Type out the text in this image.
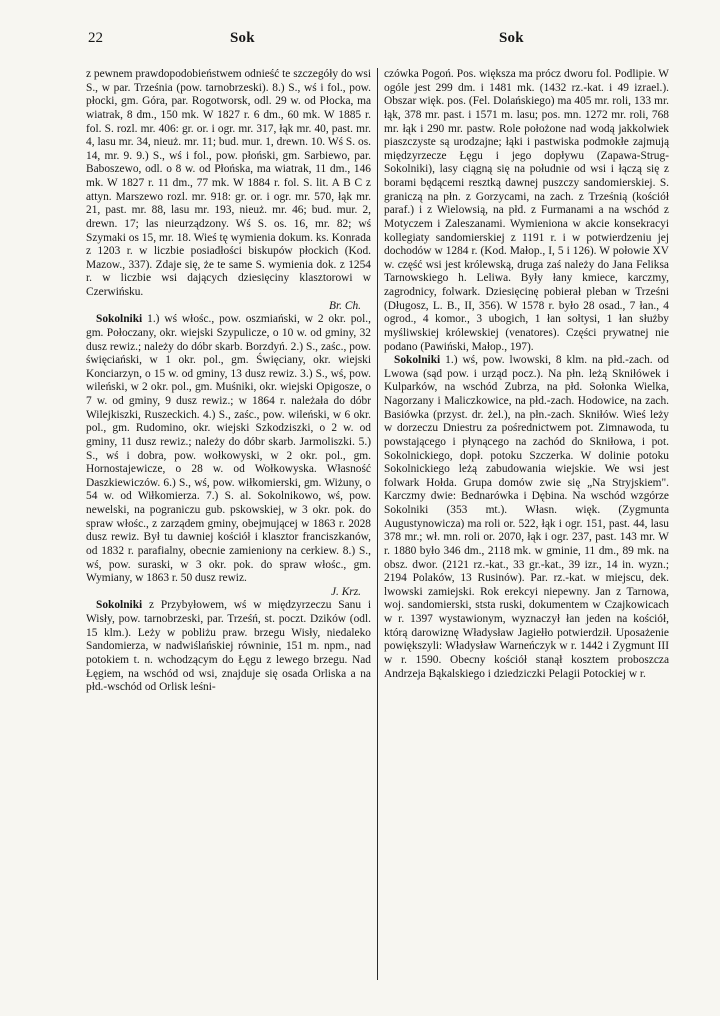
22	Sok	Sok

z pewnem prawdopodobieństwem odnieść te szczegóły do wsi S., w par. Trześnia (pow. tarnobrzeski). 8.) S., wś i fol., pow. płocki, gm. Góra, par. Rogotworsk, odl. 29 w. od Płocka, ma wiatrak, 8 dm., 150 mk. W 1827 r. 6 dm., 60 mk. W 1885 r. fol. S. rozl. mr. 406: gr. or. i ogr. mr. 317, łąk mr. 40, past. mr. 4, lasu mr. 34, nieuż. mr. 11; bud. mur. 1, drewn. 10. Wś S. os. 14, mr. 9. 9.) S., wś i fol., pow. płoński, gm. Sarbiewo, par. Baboszewo, odl. o 8 w. od Płońska, ma wiatrak, 11 dm., 146 mk. W 1827 r. 11 dm., 77 mk. W 1884 r. fol. S. lit. A B C z attyn. Marszewo rozl. mr. 918: gr. or. i ogr. mr. 570, łąk mr. 21, past. mr. 88, lasu mr. 193, nieuż. mr. 46; bud. mur. 2, drewn. 17; las nieurządzony. Wś S. os. 16, mr. 82; wś Szymaki os 15, mr. 18. Wieś tę wymienia dokum. ks. Konrada z 1203 r. w liczbie posiadłości biskupów płockich (Kod. Mazow., 337). Zdaje się, że te same S. wymienia dok. z 1254 r. w liczbie wsi dających dziesięciny klasztorowi w Czerwińsku.
Br. Ch.

Sokolniki 1.) wś włośc., pow. oszmiański, w 2 okr. pol., gm. Połoczany, okr. wiejski Szypulicze, o 10 w. od gminy, 32 dusz rewiz.; należy do dóbr skarb. Borzdyń. 2.) S., zaśc., pow. święciański, w 1 okr. pol., gm. Święciany, okr. wiejski Konciarzyn, o 15 w. od gminy, 13 dusz rewiz. 3.) S., wś, pow. wileński, w 2 okr. pol., gm. Muśniki, okr. wiejski Opigosze, o 7 w. od gminy, 9 dusz rewiz.; w 1864 r. należała do dóbr Wilejkiszki, Ruszeckich. 4.) S., zaśc., pow. wileński, w 6 okr. pol., gm. Rudomino, okr. wiejski Szkodziszki, o 2 w. od gminy, 11 dusz rewiz.; należy do dóbr skarb. Jarmoliszki. 5.) S., wś i dobra, pow. wołkowyski, w 2 okr. pol., gm. Hornostajewicze, o 28 w. od Wołkowyska. Własność Daszkiewiczów. 6.) S., wś, pow. wiłkomierski, gm. Wiżuny, o 54 w. od Wiłkomierza. 7.) S. al. Sokolnikowo, wś, pow. newelski, na pograniczu gub. pskowskiej, w 3 okr. pok. do spraw włośc., z zarządem gminy, obejmującej w 1863 r. 2028 dusz rewiz. Był tu dawniej kościół i klasztor franciszkanów, od 1832 r. parafialny, obecnie zamieniony na cerkiew. 8.) S., wś, pow. suraski, w 3 okr. pok. do spraw włośc., gm. Wymiany, w 1863 r. 50 dusz rewiz.
J. Krz.

Sokolniki z Przybyłowem, wś w międzyrzeczu Sanu i Wisły, pow. tarnobrzeski, par. Trześń, st. poczt. Dzików (odl. 15 klm.). Leży w pobliżu praw. brzegu Wisły, niedaleko Sandomierza, w nadwiślańskiej równinie, 151 m. npm., nad potokiem t. n. wchodzącym do Łęgu z lewego brzegu. Nad Łęgiem, na wschód od wsi, znajduje się osada Orliska a na płd.-wschód od Orlisk leśni-

czówka Pogoń. Pos. większa ma prócz dworu fol. Podlipie. W ogóle jest 299 dm. i 1481 mk. (1432 rz.-kat. i 49 izrael.). Obszar więk. pos. (Fel. Dolańskiego) ma 405 mr. roli, 133 mr. łąk, 378 mr. past. i 1571 m. lasu; pos. mn. 1272 mr. roli, 768 mr. łąk i 290 mr. pastw. Role położone nad wodą jakkolwiek piaszczyste są urodzajne; łąki i pastwiska podmokłe zajmują międzyrzecze Łęgu i jego dopływu (Zapawa-Strug-Sokolniki), lasy ciągną się na południe od wsi i łączą się z borami będącemi resztką dawnej puszczy sandomierskiej. S. graniczą na płn. z Gorzycami, na zach. z Trześnią (kościół paraf.) i z Wielowsią, na płd. z Furmanami a na wschód z Motyczem i Zaleszanami. Wymieniona w akcie konsekracyi kollegiaty sandomierskiej z 1191 r. i w potwierdzeniu jej dochodów w 1284 r. (Kod. Małop., I, 5 i 126). W połowie XV w. część wsi jest królewską, druga zaś należy do Jana Feliksa Tarnowskiego h. Leliwa. Były łany kmiece, karczmy, zagrodnicy, folwark. Dziesięcinę pobierał pleban w Trześni (Długosz, L. B., II, 356). W 1578 r. było 28 osad., 7 łan., 4 ogrod., 4 komor., 3 ubogich, 1 łan sołtysi, 1 łan służby myśliwskiej królewskiej (venatores). Części prywatnej nie podano (Pawiński, Małop., 197).

Sokolniki 1.) wś, pow. lwowski, 8 klm. na płd.-zach. od Lwowa (sąd pow. i urząd pocz.). Na płn. leżą Skniłówek i Kulparków, na wschód Zubrza, na płd. Sołonka Wielka, Nagorzany i Maliczkowice, na płd.-zach. Hodowice, na zach. Basiówka (przyst. dr. żel.), na płn.-zach. Skniłów. Wieś leży w dorzeczu Dniestru za pośrednictwem pot. Zimnawoda, tu powstającego i płynącego na zachód do Skniłowa, i pot. Sokolnickiego, dopł. potoku Szczerka. W dolinie potoku Sokolnickiego leżą zabudowania wiejskie. We wsi jest folwark Hołda. Grupa domów zwie się „Na Stryjskiem". Karczmy dwie: Bednarówka i Dębina. Na wschód wzgórze Sokolniki (353 mt.). Własn. więk. (Zygmunta Augustynowicza) ma roli or. 522, łąk i ogr. 151, past. 44, lasu 378 mr.; wł. mn. roli or. 2070, łąk i ogr. 237, past. 143 mr. W r. 1880 było 346 dm., 2118 mk. w gminie, 11 dm., 89 mk. na obsz. dwor. (2121 rz.-kat., 33 gr.-kat., 39 izr., 14 in. wyzn.; 2194 Polaków, 13 Rusinów). Par. rz.-kat. w miejscu, dek. lwowski zamiejski. Rok erekcyi niepewny. Jan z Tarnowa, woj. sandomierski, ststa ruski, dokumentem w Czajkowicach w r. 1397 wystawionym, wyznaczył łan jeden na kościół, którą darowiznę Władysław Jagiełło potwierdził. Uposażenie powiększyli: Władysław Warneńczyk w r. 1442 i Zygmunt III w r. 1590. Obecny kościół stanął kosztem proboszcza Andrzeja Bąkalskiego i dziedziczki Pelagii Potockiej w r.
